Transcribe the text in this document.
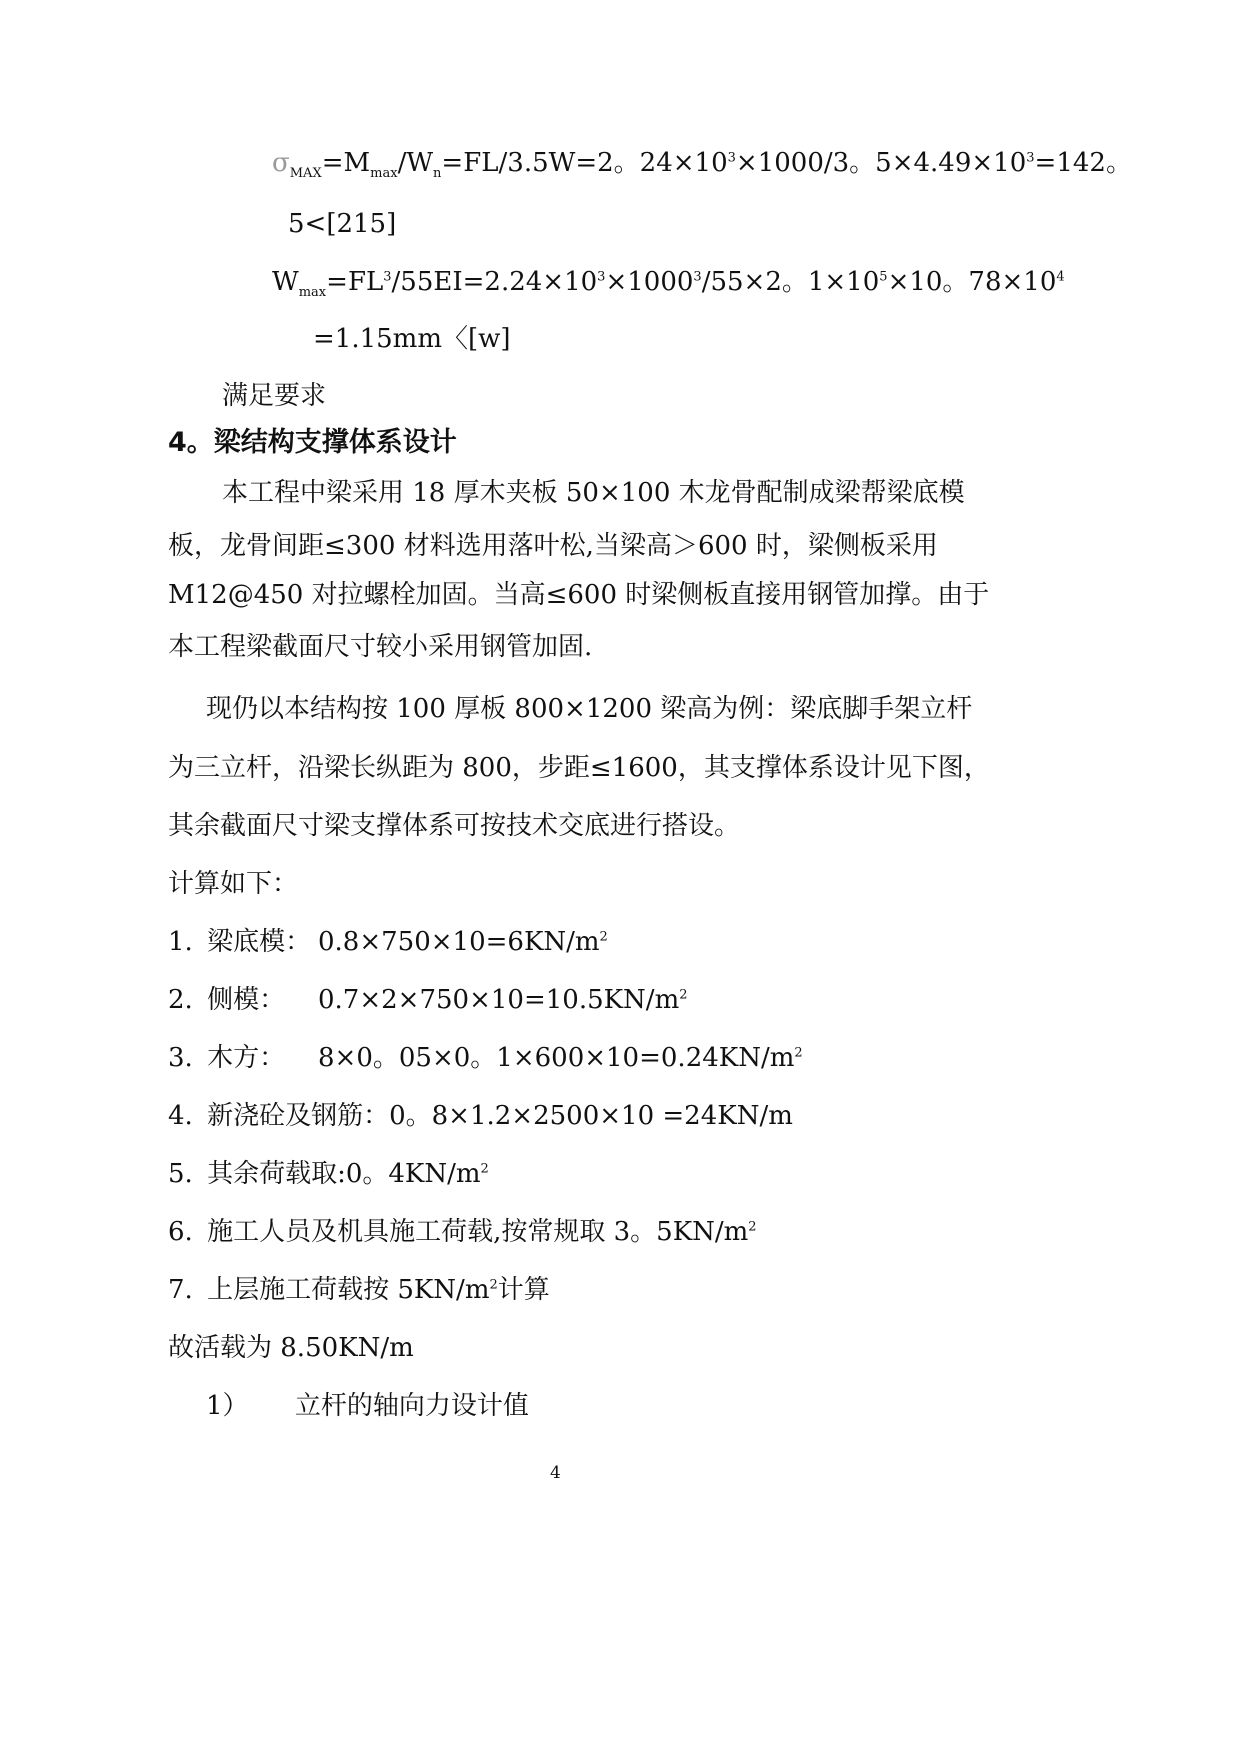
$\sigma_{MAX}=M_{max}/W_n=FL/3.5W=2$。$24\times 10^3\times 1000/3$。$5\times 4.49\times 10^3=142$。
5<[215]
$W_{max}=FL^3/55EI=2.24\times 10^3\times 1000^3/55\times 2$。$1\times 10^5\times 10$。$78\times 10^4$
=1.15mm〈[w]
满足要求
4。梁结构支撑体系设计
本工程中梁采用 18 厚木夹板 50×100 木龙骨配制成梁帮梁底模
板，龙骨间距≤300 材料选用落叶松,当梁高＞600 时，梁侧板采用
M12@450 对拉螺栓加固。当高≤600 时梁侧板直接用钢管加撑。由于
本工程梁截面尺寸较小采用钢管加固.
现仍以本结构按 100 厚板 800×1200 梁高为例：梁底脚手架立杆
为三立杆，沿梁长纵距为 800，步距≤1600，其支撑体系设计见下图，
其余截面尺寸梁支撑体系可按技术交底进行搭设。
计算如下：
1. 梁底模： $0.8\times 750\times 10=6KN/m^2$
2. 侧模： $0.7\times 2\times 750\times 10=10.5KN/m^2$
3. 木方： 8×0。05×0。$1\times 600\times 10=0.24KN/m^2$
4. 新浇砼及钢筋：0。8×1.2×2500×10 =24KN/m
5. 其余荷载取:0。$4KN/m^2$
6. 施工人员及机具施工荷载,按常规取 3。$5KN/m^2$
7. 上层施工荷载按 $5KN/m^2$计算
故活载为 8.50KN/m
1） 立杆的轴向力设计值
4
